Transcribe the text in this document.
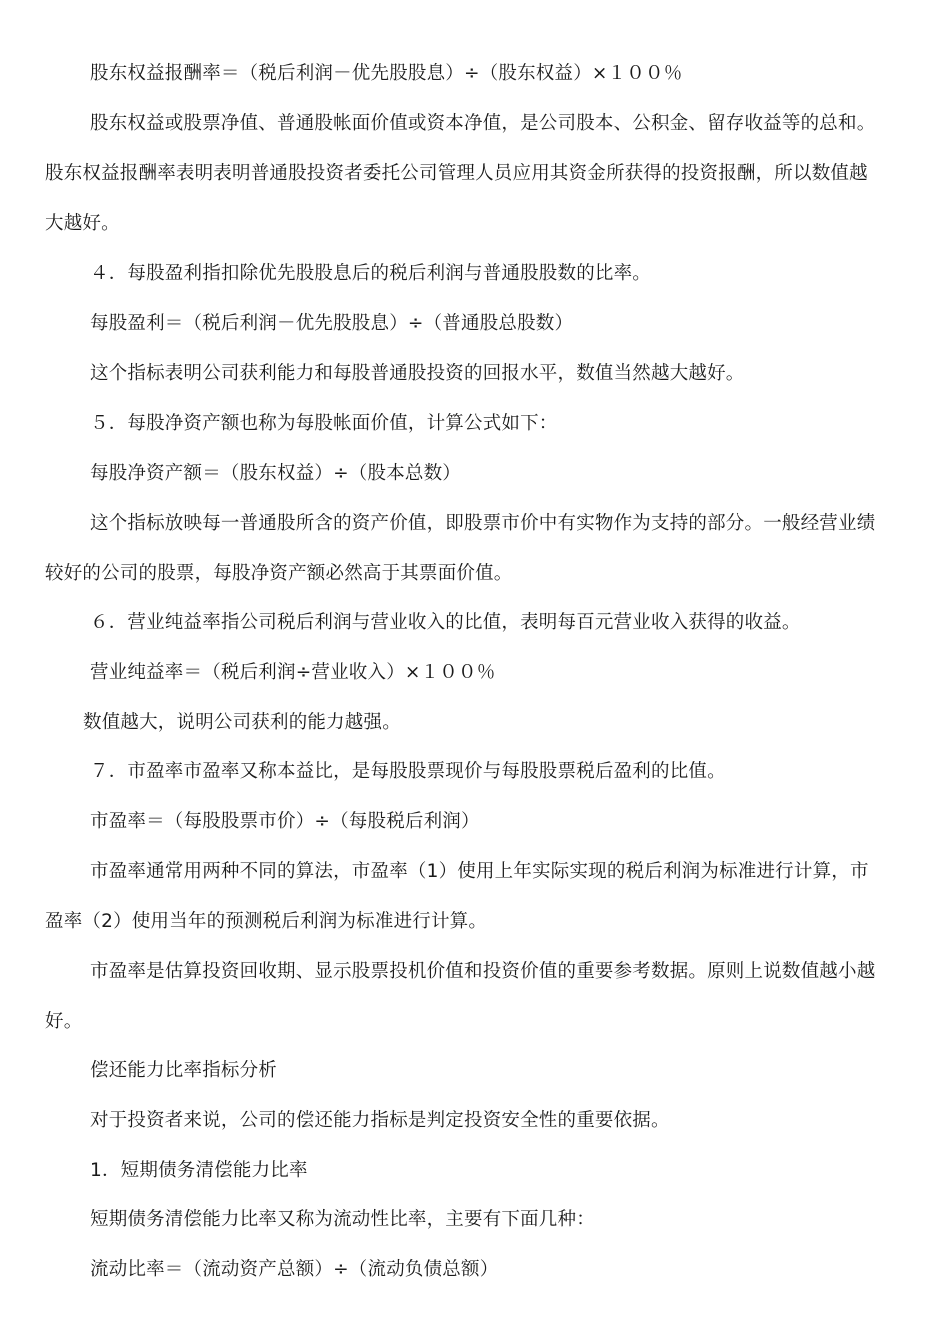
股东权益报酬率＝（税后利润－优先股股息）÷（股东权益）×１００％

股东权益或股票净值、普通股帐面价值或资本净值，是公司股本、公积金、留存收益等的总和。

股东权益报酬率表明表明普通股投资者委托公司管理人员应用其资金所获得的投资报酬，所以数值越

大越好。

４．每股盈利指扣除优先股股息后的税后利润与普通股股数的比率。

每股盈利＝（税后利润－优先股股息）÷（普通股总股数）

这个指标表明公司获利能力和每股普通股投资的回报水平，数值当然越大越好。

５．每股净资产额也称为每股帐面价值，计算公式如下：

每股净资产额＝（股东权益）÷（股本总数）

这个指标放映每一普通股所含的资产价值，即股票市价中有实物作为支持的部分。一般经营业绩

较好的公司的股票，每股净资产额必然高于其票面价值。

６．营业纯益率指公司税后利润与营业收入的比值，表明每百元营业收入获得的收益。

营业纯益率＝（税后利润÷营业收入）×１００％

数值越大，说明公司获利的能力越强。

７．市盈率市盈率又称本益比，是每股股票现价与每股股票税后盈利的比值。

市盈率＝（每股股票市价）÷（每股税后利润）

市盈率通常用两种不同的算法，市盈率（1）使用上年实际实现的税后利润为标准进行计算，市

盈率（2）使用当年的预测税后利润为标准进行计算。

市盈率是估算投资回收期、显示股票投机价值和投资价值的重要参考数据。原则上说数值越小越

好。

偿还能力比率指标分析

对于投资者来说，公司的偿还能力指标是判定投资安全性的重要依据。

1．短期债务清偿能力比率

短期债务清偿能力比率又称为流动性比率，主要有下面几种：

流动比率＝（流动资产总额）÷（流动负债总额）
